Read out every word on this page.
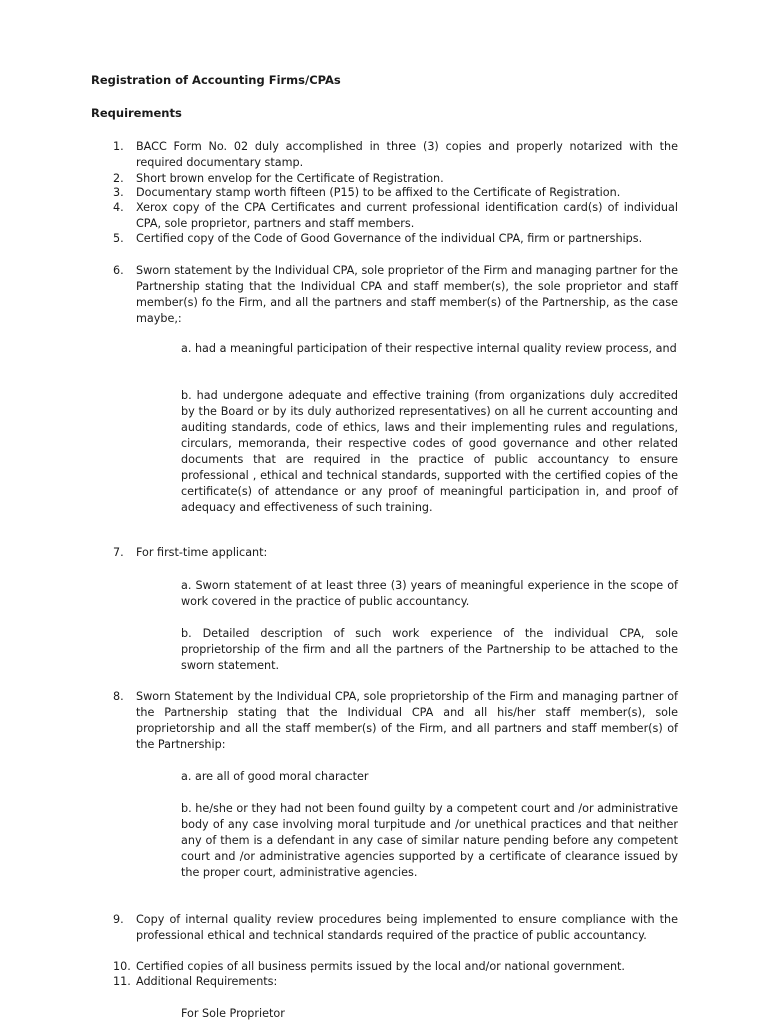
Registration of Accounting Firms/CPAs
Requirements
1. BACC Form No. 02 duly accomplished in three (3) copies and properly notarized with the required documentary stamp.
2. Short brown envelop for the Certificate of Registration.
3. Documentary stamp worth fifteen (P15) to be affixed to the Certificate of Registration.
4. Xerox copy of the CPA Certificates and current professional identification card(s) of individual CPA, sole proprietor, partners and staff members.
5. Certified copy of the Code of Good Governance of the individual CPA, firm or partnerships.
6. Sworn statement by the Individual CPA, sole proprietor of the Firm and managing partner for the Partnership stating that the Individual CPA and staff member(s), the sole proprietor and staff member(s) fo the Firm, and all the partners and staff member(s) of the Partnership, as the case maybe,:
a. had a meaningful participation of their respective internal quality review process, and
b. had undergone adequate and effective training (from organizations duly accredited by the Board or by its duly authorized representatives) on all he current accounting and auditing standards, code of ethics, laws and their implementing rules and regulations, circulars, memoranda, their respective codes of good governance and other related documents that are required in the practice of public accountancy to ensure professional , ethical and technical standards, supported with the certified copies of the certificate(s) of attendance or any proof of meaningful participation in, and proof of adequacy and effectiveness of such training.
7. For first-time applicant:
a. Sworn statement of at least three (3) years of meaningful experience in the scope of work covered in the practice of public accountancy.
b. Detailed description of such work experience of the individual CPA, sole proprietorship of the firm and all the partners of the Partnership to be attached to the sworn statement.
8. Sworn Statement by the Individual CPA, sole proprietorship of the Firm and managing partner of the Partnership stating that the Individual CPA and all his/her staff member(s), sole proprietorship and all the staff member(s) of the Firm, and all partners and staff member(s) of the Partnership:
a. are all of good moral character
b. he/she or they had not been found guilty by a competent court and /or administrative body of any case involving moral turpitude and /or unethical practices and that neither any of them is a defendant in any case of similar nature pending before any competent court and /or administrative agencies supported by a certificate of clearance issued by the proper court, administrative agencies.
9. Copy of internal quality review procedures being implemented to ensure compliance with the professional ethical and technical standards required of the practice of public accountancy.
10. Certified copies of all business permits issued by the local and/or national government.
11. Additional Requirements:
For Sole Proprietor
